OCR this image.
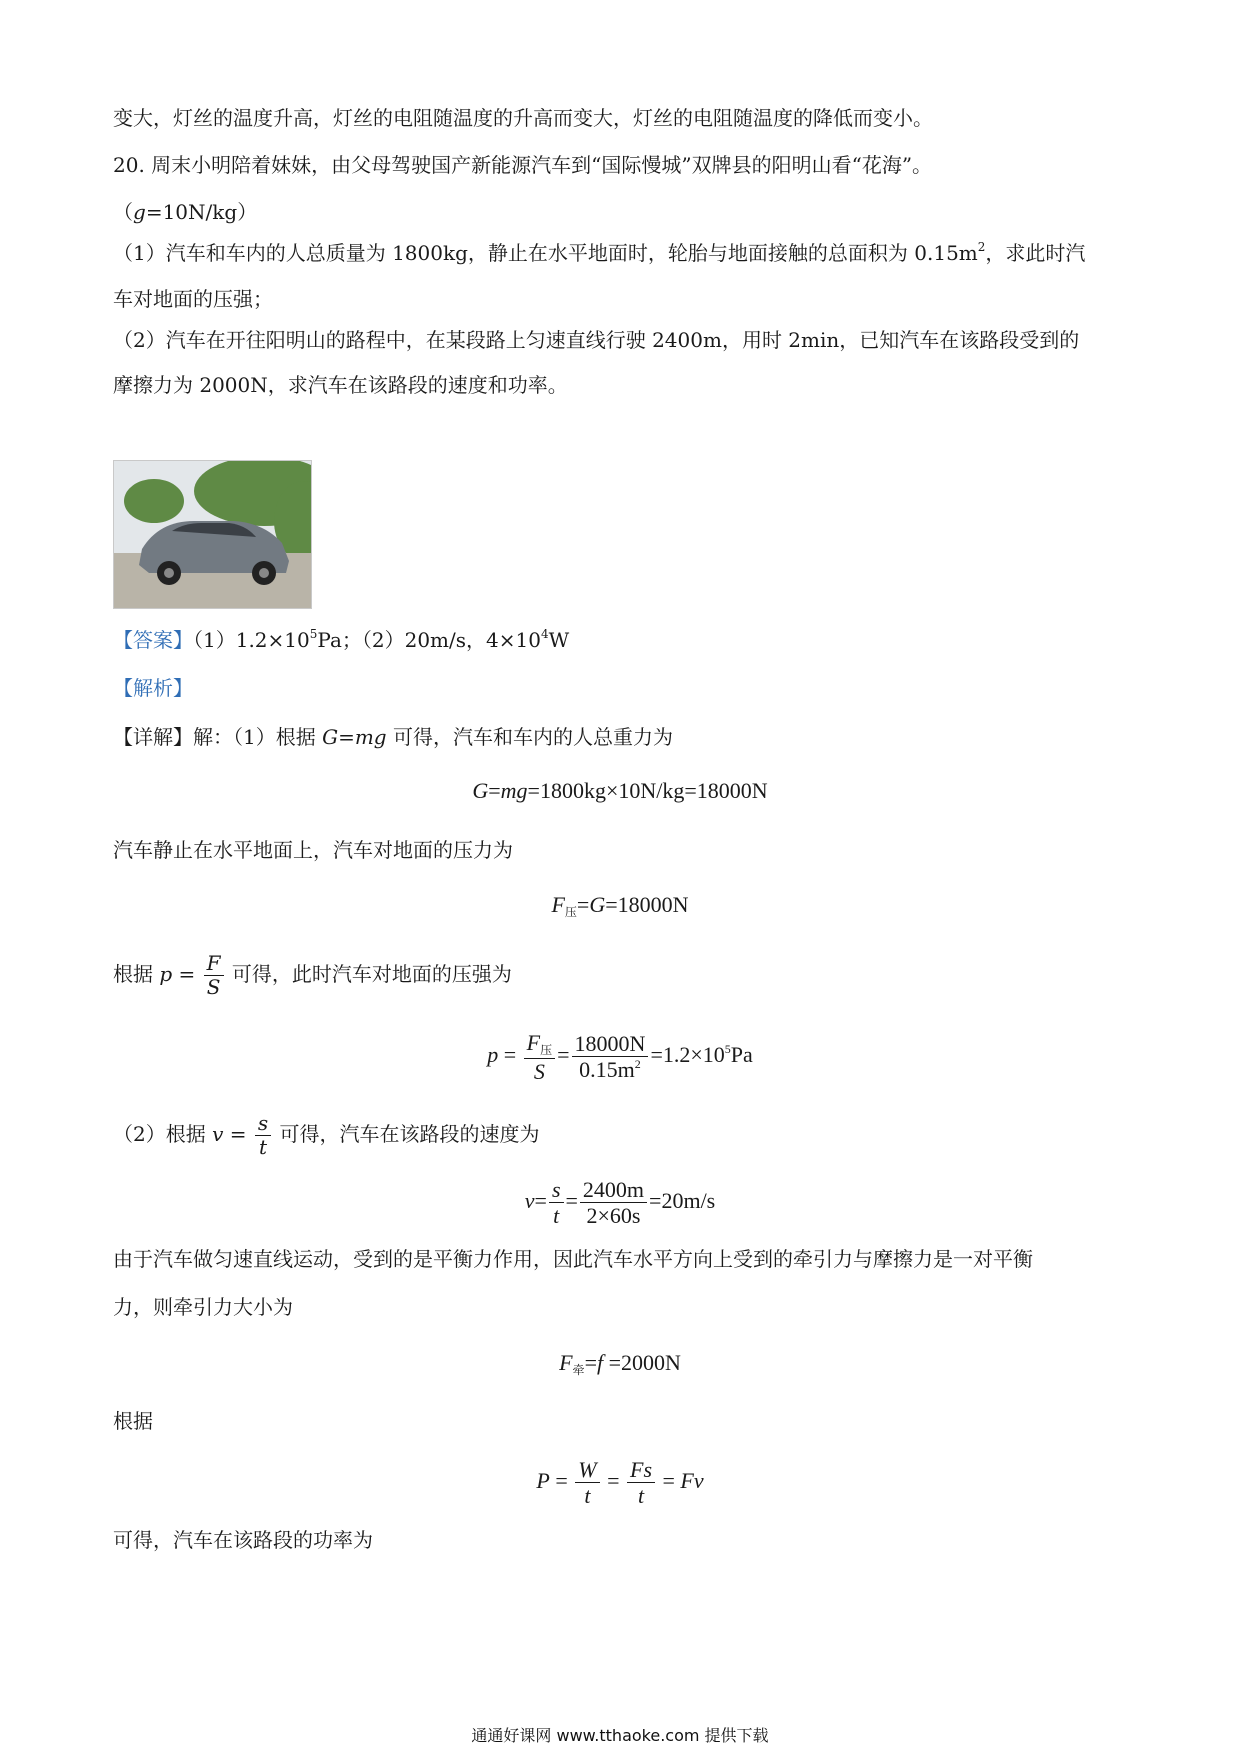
变大，灯丝的温度升高，灯丝的电阻随温度的升高而变大，灯丝的电阻随温度的降低而变小。
20. 周末小明陪着妹妹，由父母驾驶国产新能源汽车到“国际慢城”双牌县的阳明山看“花海”。
（g=10N/kg）
（1）汽车和车内的人总质量为 1800kg，静止在水平地面时，轮胎与地面接触的总面积为 $0.15m^2$，求此时汽
车对地面的压强；
（2）汽车在开往阳明山的路程中，在某段路上匀速直线行驶 2400m，用时 2min，已知汽车在该路段受到的
摩擦力为 2000N，求汽车在该路段的速度和功率。
【答案】$(1)1.2\times 10^5Pa$；（2）20m/s，$4\times 10^4W$
【解析】
【详解】解：（1）根据 G=mg 可得，汽车和车内的人总重力为
G=mg=1800kg×10N/kg=18000N
汽车静止在水平地面上，汽车对地面的压力为
$F_压=G=18000N$
根据 $p = \frac{F}{S}$ 可得，此时汽车对地面的压强为
$p = \frac{F_压}{S} = \frac{18000N}{0.15m^2} =1.2\times 10^5Pa$
（2）根据 $v = \frac{s}{t}$ 可得，汽车在该路段的速度为
$v= \frac{s}{t} = \frac{2400m}{2\times 60s} =20m/s$
由于汽车做匀速直线运动，受到的是平衡力作用，因此汽车水平方向上受到的牵引力与摩擦力是一对平衡
力，则牵引力大小为
$F_牵=f =2000N$
根据
$P = \frac{W}{t} = \frac{Fs}{t} = Fv$
可得，汽车在该路段的功率为
通通好课网 www.tthaoke.com 提供下载
